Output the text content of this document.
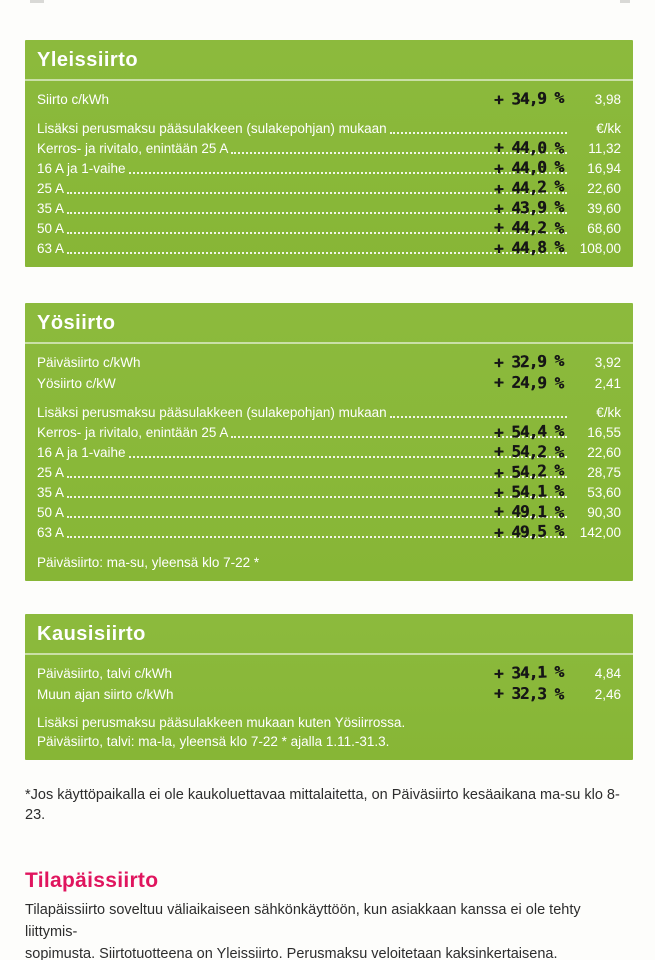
Yleissiirto
Siirto c/kWh	+ 34,9 %	3,98
Lisäksi perusmaksu pääsulakkeen (sulakepohjan) mukaan	€/kk
Kerros- ja rivitalo, enintään 25 A	+ 44,0 %	11,32
16 A ja 1-vaihe	+ 44,0 %	16,94
25 A	+ 44,2 %	22,60
35 A	+ 43,9 %	39,60
50 A	+ 44,2 %	68,60
63 A	+ 44,8 %	108,00
Yösiirto
Päiväsiirto c/kWh	+ 32,9 %	3,92
Yösiirto c/kW	+ 24,9 %	2,41
Lisäksi perusmaksu pääsulakkeen (sulakepohjan) mukaan	€/kk
Kerros- ja rivitalo, enintään 25 A	+ 54,4 %	16,55
16 A ja 1-vaihe	+ 54,2 %	22,60
25 A	+ 54,2 %	28,75
35 A	+ 54,1 %	53,60
50 A	+ 49,1 %	90,30
63 A	+ 49,5 %	142,00
Päiväsiirto: ma-su, yleensä klo 7-22 *
Kausisiirto
Päiväsiirto, talvi c/kWh	+ 34,1 %	4,84
Muun ajan siirto c/kWh	+ 32,3 %	2,46
Lisäksi perusmaksu pääsulakkeen mukaan kuten Yösiirrossa.
Päiväsiirto, talvi: ma-la, yleensä klo 7-22 * ajalla 1.11.-31.3.
*Jos käyttöpaikalla ei ole kaukoluettavaa mittalaitetta, on Päiväsiirto kesäaikana ma-su klo 8-23.
Tilapäissiirto
Tilapäissiirto soveltuu väliaikaiseen sähkönkäyttöön, kun asiakkaan kanssa ei ole tehty liittymis-
sopimusta. Siirtotuotteena on Yleissiirto. Perusmaksu veloitetaan kaksinkertaisena.
